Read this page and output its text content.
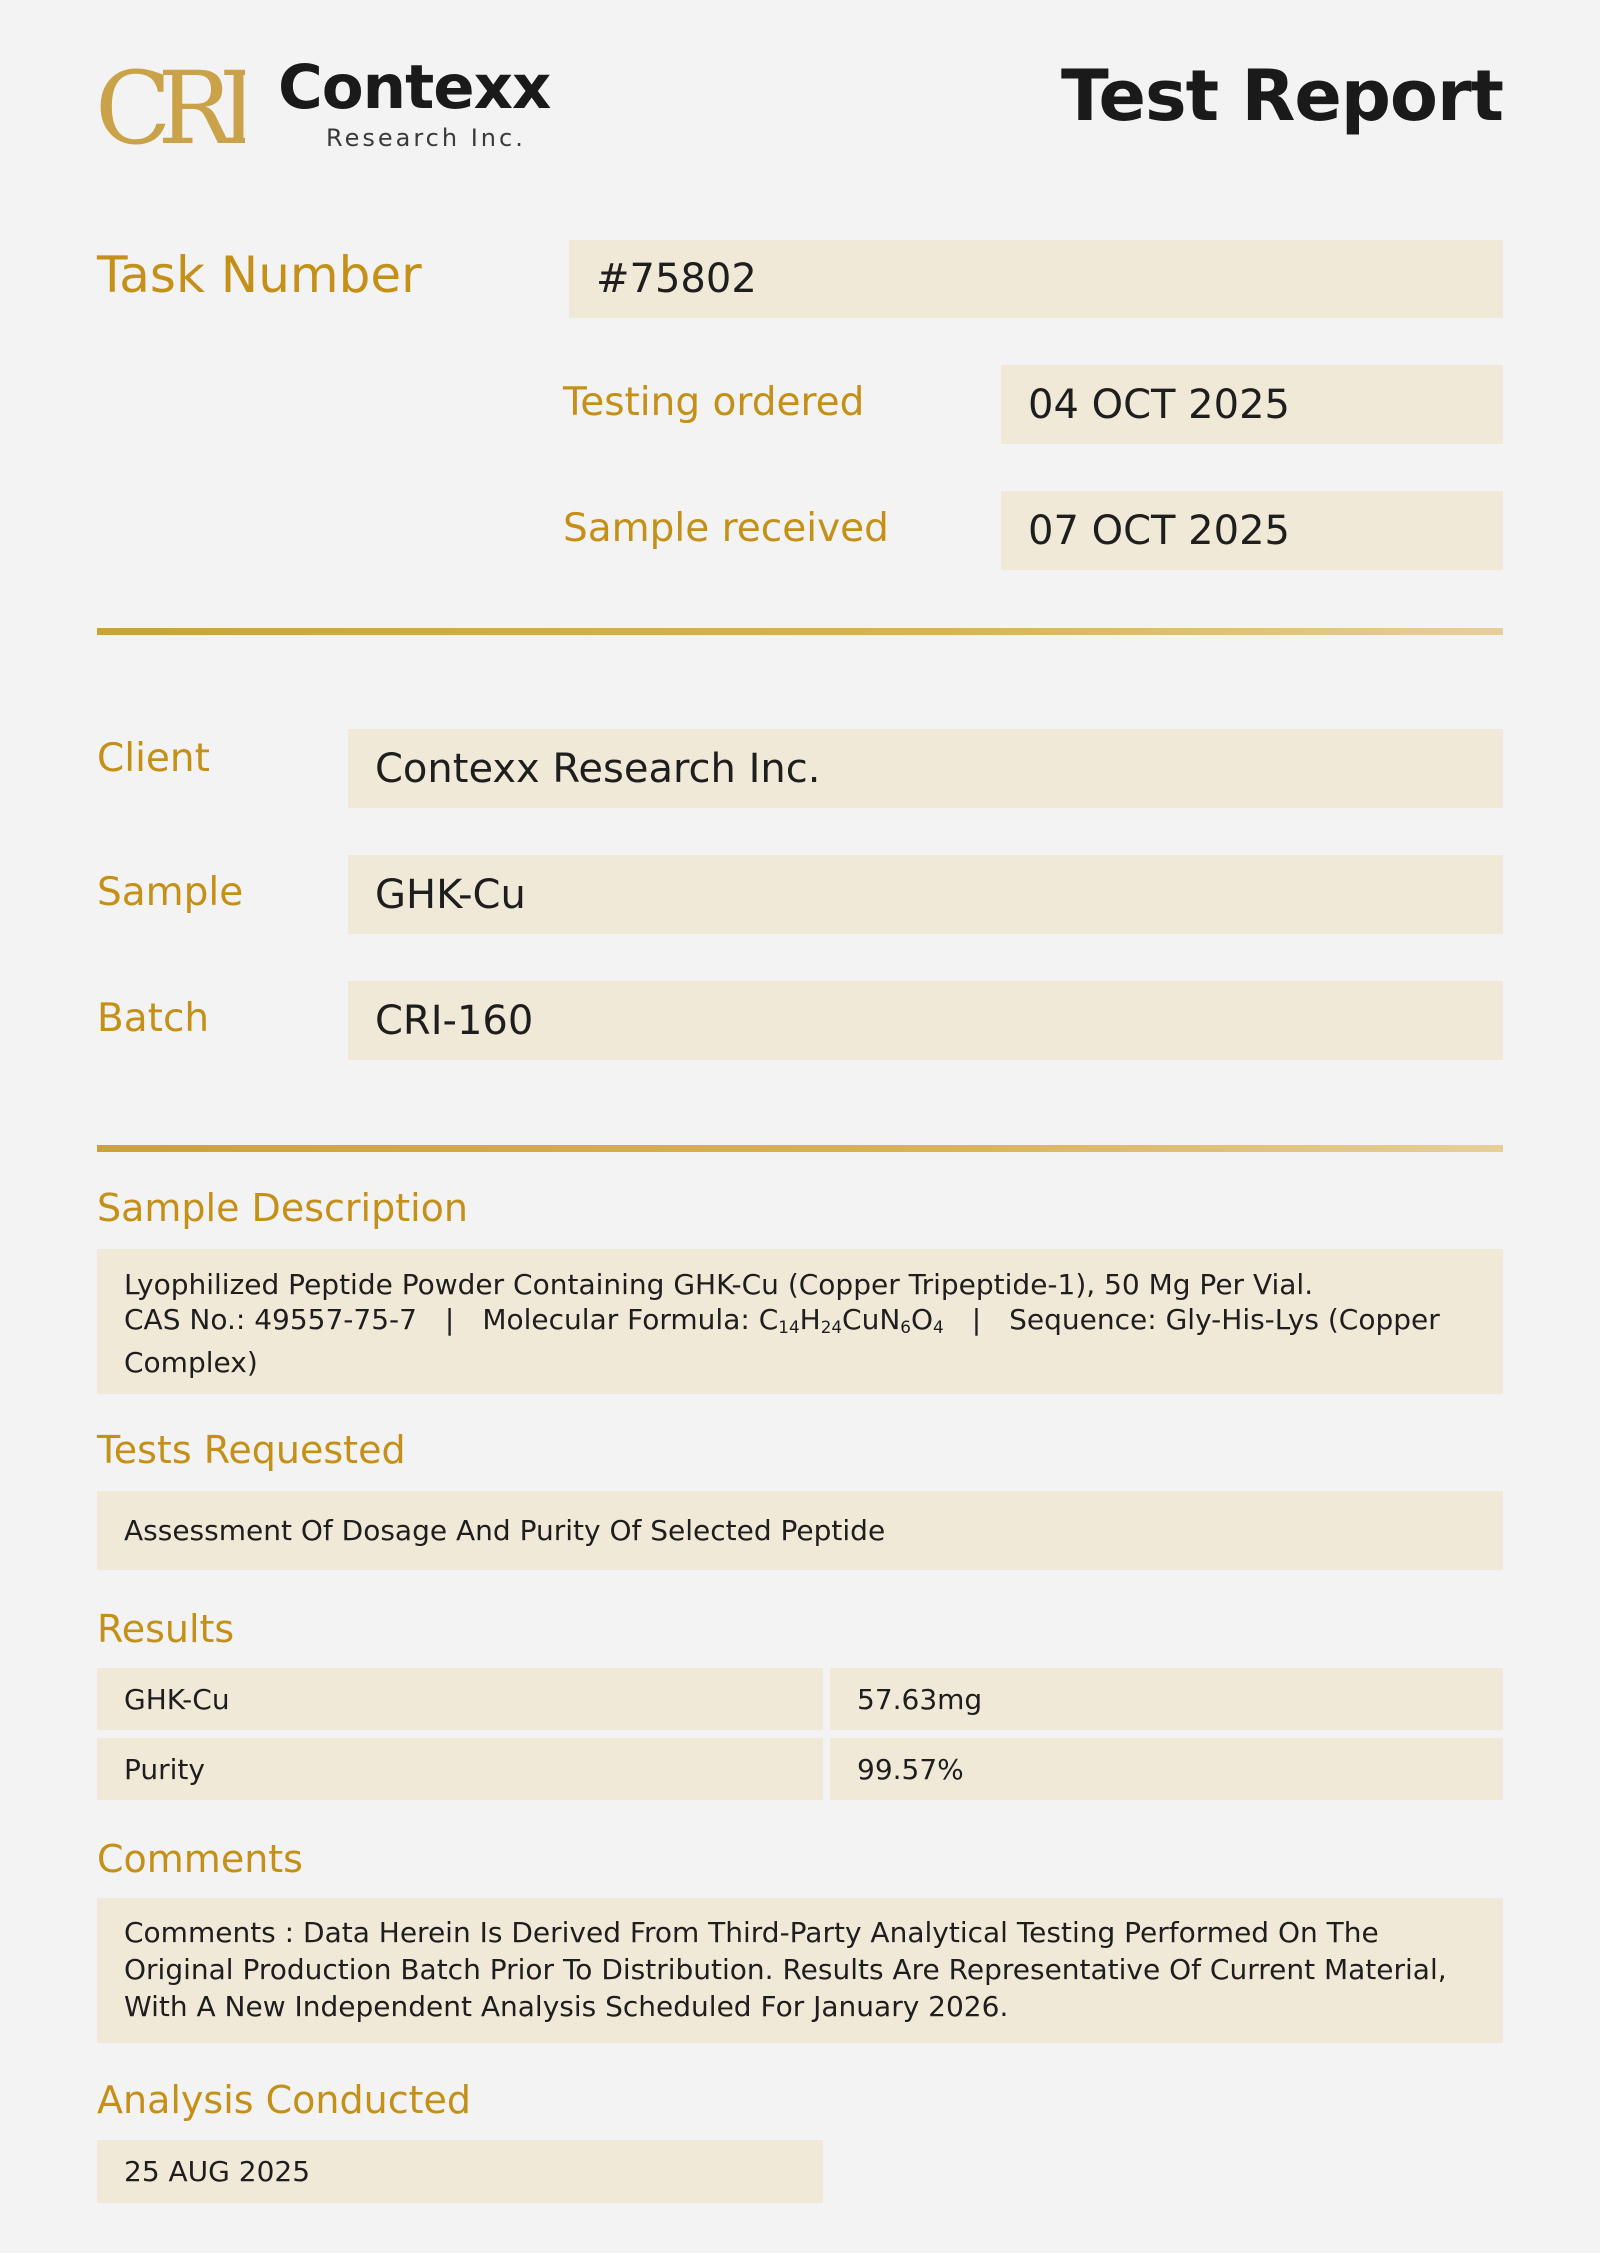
CRI Contexx
Research Inc.
Test Report
Task Number	#75802
Testing ordered	04 OCT 2025
Sample received	07 OCT 2025
Client	Contexx Research Inc.
Sample	GHK-Cu
Batch	CRI-160
Sample Description
Lyophilized Peptide Powder Containing GHK-Cu (Copper Tripeptide-1), 50 Mg Per Vial.
CAS No.: 49557-75-7 | Molecular Formula: $C_{14}H_{24}CuN_6O_4$ | Sequence: Gly-His-Lys (Copper Complex)
Tests Requested
Assessment Of Dosage And Purity Of Selected Peptide
Results
GHK-Cu	57.63mg
Purity	99.57%
Comments
Comments : Data Herein Is Derived From Third-Party Analytical Testing Performed On The Original Production Batch Prior To Distribution. Results Are Representative Of Current Material, With A New Independent Analysis Scheduled For January 2026.
Analysis Conducted
25 AUG 2025
